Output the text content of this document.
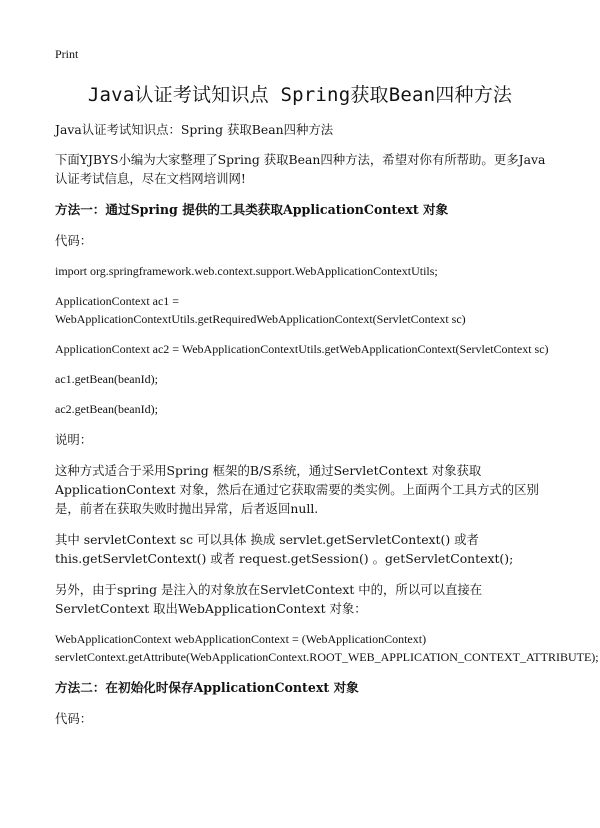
Print
Java认证考试知识点 Spring获取Bean四种方法

Java认证考试知识点：Spring 获取Bean四种方法

下面YJBYS小编为大家整理了Spring 获取Bean四种方法，希望对你有所帮助。更多Java认证考试信息，尽在文档网培训网!

方法一：通过Spring 提供的工具类获取ApplicationContext 对象

代码：

import org.springframework.web.context.support.WebApplicationContextUtils;

ApplicationContext ac1 = WebApplicationContextUtils.getRequiredWebApplicationContext(ServletContext sc)

ApplicationContext ac2 = WebApplicationContextUtils.getWebApplicationContext(ServletContext sc)

ac1.getBean(beanId);

ac2.getBean(beanId);

说明：

这种方式适合于采用Spring 框架的B/S系统，通过ServletContext 对象获取ApplicationContext 对象，然后在通过它获取需要的类实例。上面两个工具方式的区别是，前者在获取失败时抛出异常，后者返回null.

其中 servletContext sc 可以具体 换成 servlet.getServletContext() 或者this.getServletContext() 或者 request.getSession() 。getServletContext();

另外，由于spring 是注入的对象放在ServletContext 中的，所以可以直接在ServletContext 取出WebApplicationContext 对象：

WebApplicationContext webApplicationContext = (WebApplicationContext) servletContext.getAttribute(WebApplicationContext.ROOT_WEB_APPLICATION_CONTEXT_ATTRIBUTE);

方法二：在初始化时保存ApplicationContext 对象

代码：
